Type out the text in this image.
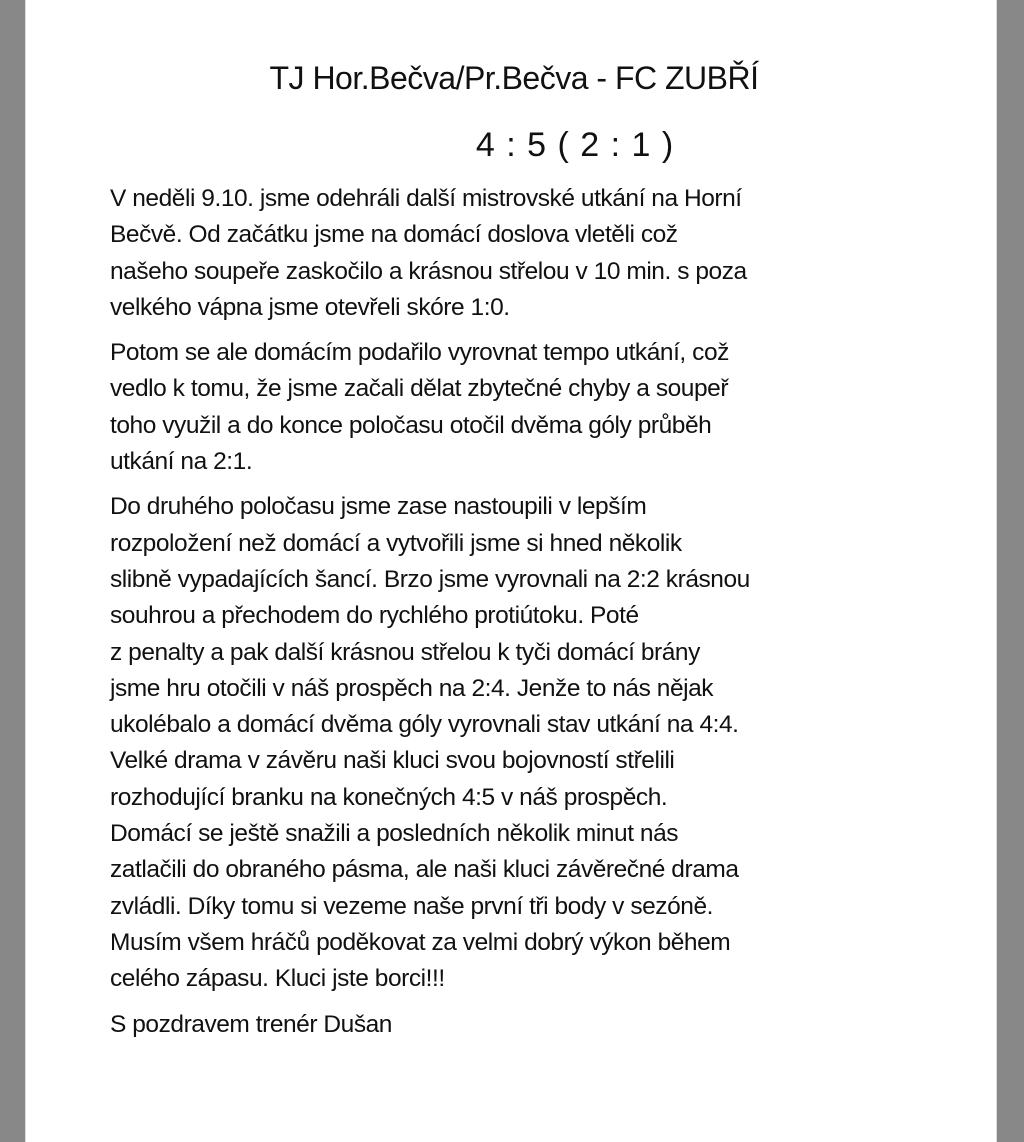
TJ Hor.Bečva/Pr.Bečva - FC ZUBŘÍ
4 : 5 ( 2 : 1 )

V neděli 9.10. jsme odehráli další mistrovské utkání na Horní
Bečvě. Od začátku jsme na domácí doslova vletěli což
našeho soupeře zaskočilo a krásnou střelou v 10 min. s poza
velkého vápna jsme otevřeli skóre 1:0.

Potom se ale domácím podařilo vyrovnat tempo utkání, což
vedlo k tomu, že jsme začali dělat zbytečné chyby a soupeř
toho využil a do konce poločasu otočil dvěma góly průběh
utkání na 2:1.

Do druhého poločasu jsme zase nastoupili v lepším
rozpoložení než domácí a vytvořili jsme si hned několik
slibně vypadajících šancí. Brzo jsme vyrovnali na 2:2 krásnou
souhrou a přechodem do rychlého protiútoku. Poté
z penalty a pak další krásnou střelou k tyči domácí brány
jsme hru otočili v náš prospěch na 2:4. Jenže to nás nějak
ukolébalo a domácí dvěma góly vyrovnali stav utkání na 4:4.
Velké drama v závěru naši kluci svou bojovností střelili
rozhodující branku na konečných 4:5 v náš prospěch.
Domácí se ještě snažili a posledních několik minut nás
zatlačili do obraného pásma, ale naši kluci závěrečné drama
zvládli. Díky tomu si vezeme naše první tři body v sezóně.
Musím všem hráčů poděkovat za velmi dobrý výkon během
celého zápasu. Kluci jste borci!!!

S pozdravem trenér Dušan
